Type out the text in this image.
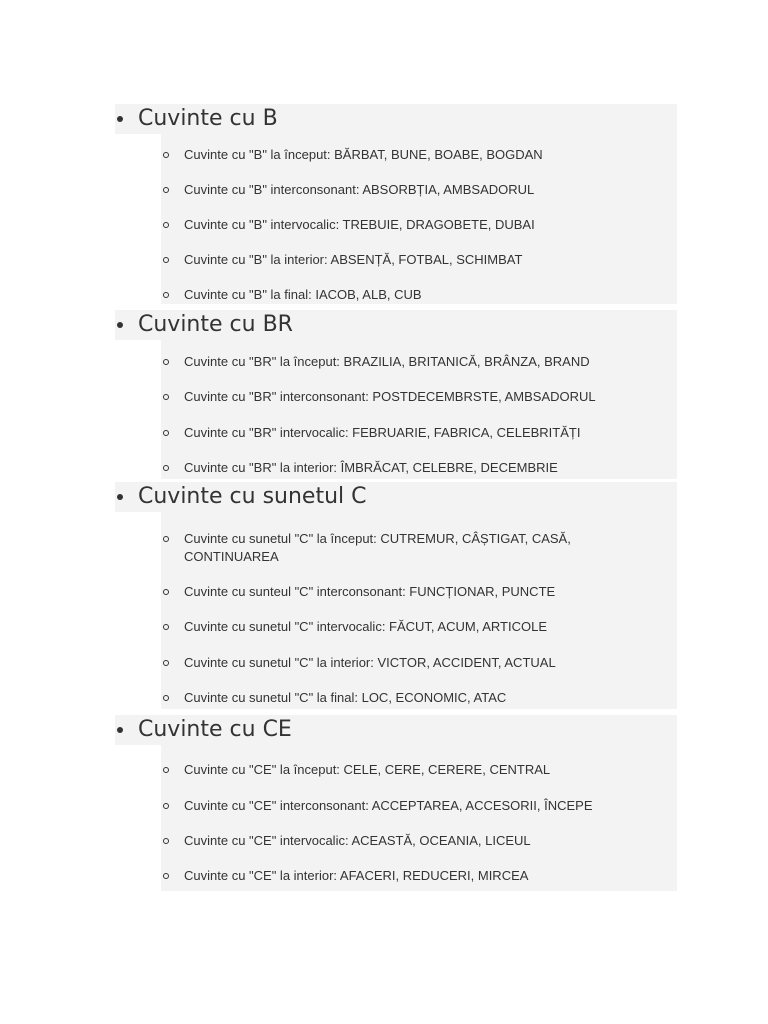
Cuvinte cu B
Cuvinte cu "B" la început: BĂRBAT, BUNE, BOABE, BOGDAN
Cuvinte cu "B" interconsonant: ABSORBȚIA, AMBSADORUL
Cuvinte cu "B" intervocalic: TREBUIE, DRAGOBETE, DUBAI
Cuvinte cu "B" la interior: ABSENȚĂ, FOTBAL, SCHIMBAT
Cuvinte cu "B" la final: IACOB, ALB, CUB
Cuvinte cu BR
Cuvinte cu "BR" la început: BRAZILIA, BRITANICĂ, BRÂNZA, BRAND
Cuvinte cu "BR" interconsonant: POSTDECEMBRSTE, AMBSADORUL
Cuvinte cu "BR" intervocalic: FEBRUARIE, FABRICA, CELEBRITĂȚI
Cuvinte cu "BR" la interior: ÎMBRĂCAT, CELEBRE, DECEMBRIE
Cuvinte cu sunetul C
Cuvinte cu sunetul "C" la început: CUTREMUR, CÂȘTIGAT, CASĂ, CONTINUAREA
Cuvinte cu sunteul "C" interconsonant: FUNCȚIONAR, PUNCTE
Cuvinte cu sunetul "C" intervocalic: FĂCUT, ACUM, ARTICOLE
Cuvinte cu sunetul "C" la interior: VICTOR, ACCIDENT, ACTUAL
Cuvinte cu sunetul "C" la final: LOC, ECONOMIC, ATAC
Cuvinte cu CE
Cuvinte cu "CE" la început: CELE, CERE, CERERE, CENTRAL
Cuvinte cu "CE" interconsonant: ACCEPTAREA, ACCESORII, ÎNCEPE
Cuvinte cu "CE" intervocalic: ACEASTĂ, OCEANIA, LICEUL
Cuvinte cu "CE" la interior: AFACERI, REDUCERI, MIRCEA
